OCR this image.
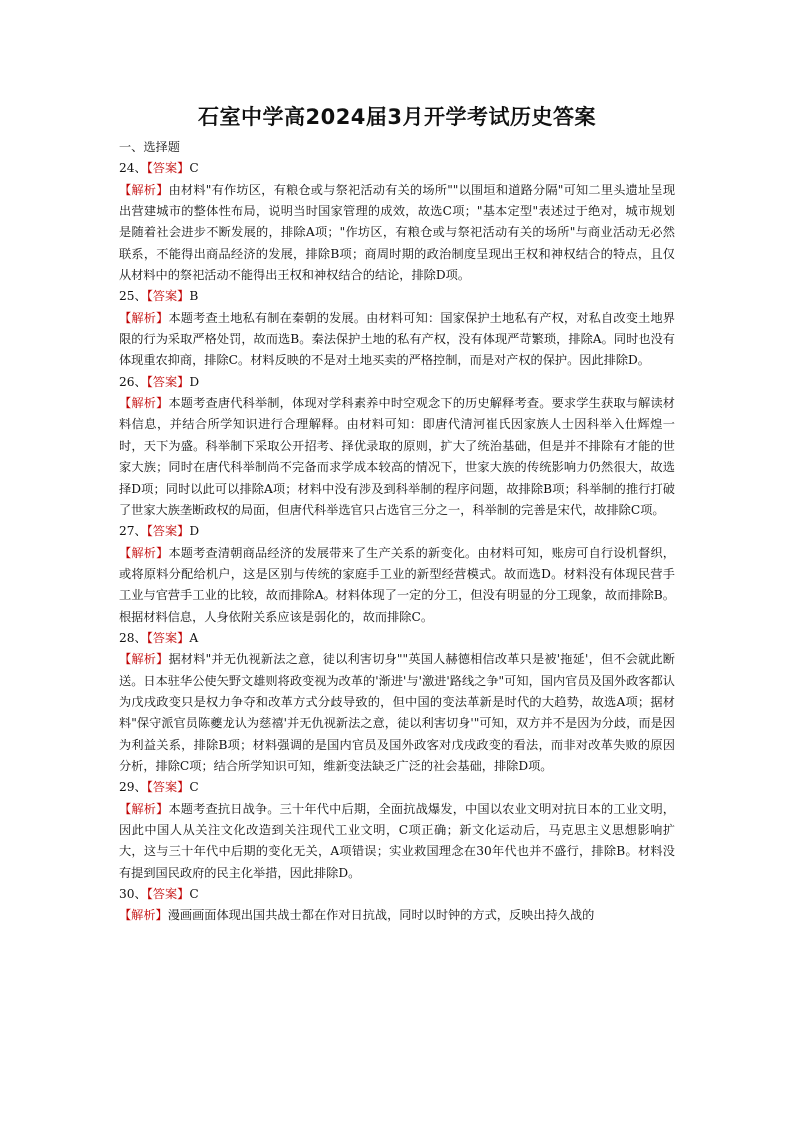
石室中学高2024届3月开学考试历史答案

一、选择题

24、【答案】C

【解析】由材料"有作坊区，有粮仓或与祭祀活动有关的场所""以围垣和道路分隔"可知二里头遗址呈现出营建城市的整体性布局，说明当时国家管理的成效，故选C项；"基本定型"表述过于绝对，城市规划是随着社会进步不断发展的，排除A项；"作坊区，有粮仓或与祭祀活动有关的场所"与商业活动无必然联系，不能得出商品经济的发展，排除B项；商周时期的政治制度呈现出王权和神权结合的特点，且仅从材料中的祭祀活动不能得出王权和神权结合的结论，排除D项。

25、【答案】B

【解析】本题考查土地私有制在秦朝的发展。由材料可知：国家保护土地私有产权，对私自改变土地界限的行为采取严格处罚，故而选B。秦法保护土地的私有产权，没有体现严苛繁琐，排除A。同时也没有体现重农抑商，排除C。材料反映的不是对土地买卖的严格控制，而是对产权的保护。因此排除D。

26、【答案】D

【解析】本题考查唐代科举制，体现对学科素养中时空观念下的历史解释考查。要求学生获取与解读材料信息，并结合所学知识进行合理解释。由材料可知：即唐代清河崔氏因家族人士因科举入仕辉煌一时，天下为盛。科举制下采取公开招考、择优录取的原则，扩大了统治基础，但是并不排除有才能的世家大族；同时在唐代科举制尚不完备而求学成本较高的情况下，世家大族的传统影响力仍然很大，故选择D项；同时以此可以排除A项；材料中没有涉及到科举制的程序问题，故排除B项；科举制的推行打破了世家大族垄断政权的局面，但唐代科举选官只占选官三分之一，科举制的完善是宋代，故排除C项。

27、【答案】D

【解析】本题考查清朝商品经济的发展带来了生产关系的新变化。由材料可知，账房可自行设机督织，或将原料分配给机户，这是区别与传统的家庭手工业的新型经营模式。故而选D。材料没有体现民营手工业与官营手工业的比较，故而排除A。材料体现了一定的分工，但没有明显的分工现象，故而排除B。根据材料信息，人身依附关系应该是弱化的，故而排除C。

28、【答案】A

【解析】据材料"并无仇视新法之意，徒以利害切身""英国人赫德相信改革只是被'拖延'，但不会就此断送。日本驻华公使矢野文雄则将政变视为改革的'渐进'与'激进'路线之争"可知，国内官员及国外政客都认为戊戌政变只是权力争夺和改革方式分歧导致的，但中国的变法革新是时代的大趋势，故选A项；据材料"保守派官员陈夔龙认为慈禧'并无仇视新法之意，徒以利害切身'"可知，双方并不是因为分歧，而是因为利益关系，排除B项；材料强调的是国内官员及国外政客对戊戌政变的看法，而非对改革失败的原因分析，排除C项；结合所学知识可知，维新变法缺乏广泛的社会基础，排除D项。

29、【答案】C

【解析】本题考查抗日战争。三十年代中后期，全面抗战爆发，中国以农业文明对抗日本的工业文明，因此中国人从关注文化改造到关注现代工业文明，C项正确；新文化运动后，马克思主义思想影响扩大，这与三十年代中后期的变化无关，A项错误；实业救国理念在30年代也并不盛行，排除B。材料没有提到国民政府的民主化举措，因此排除D。

30、【答案】C

【解析】漫画画面体现出国共战士都在作对日抗战，同时以时钟的方式，反映出持久战的
